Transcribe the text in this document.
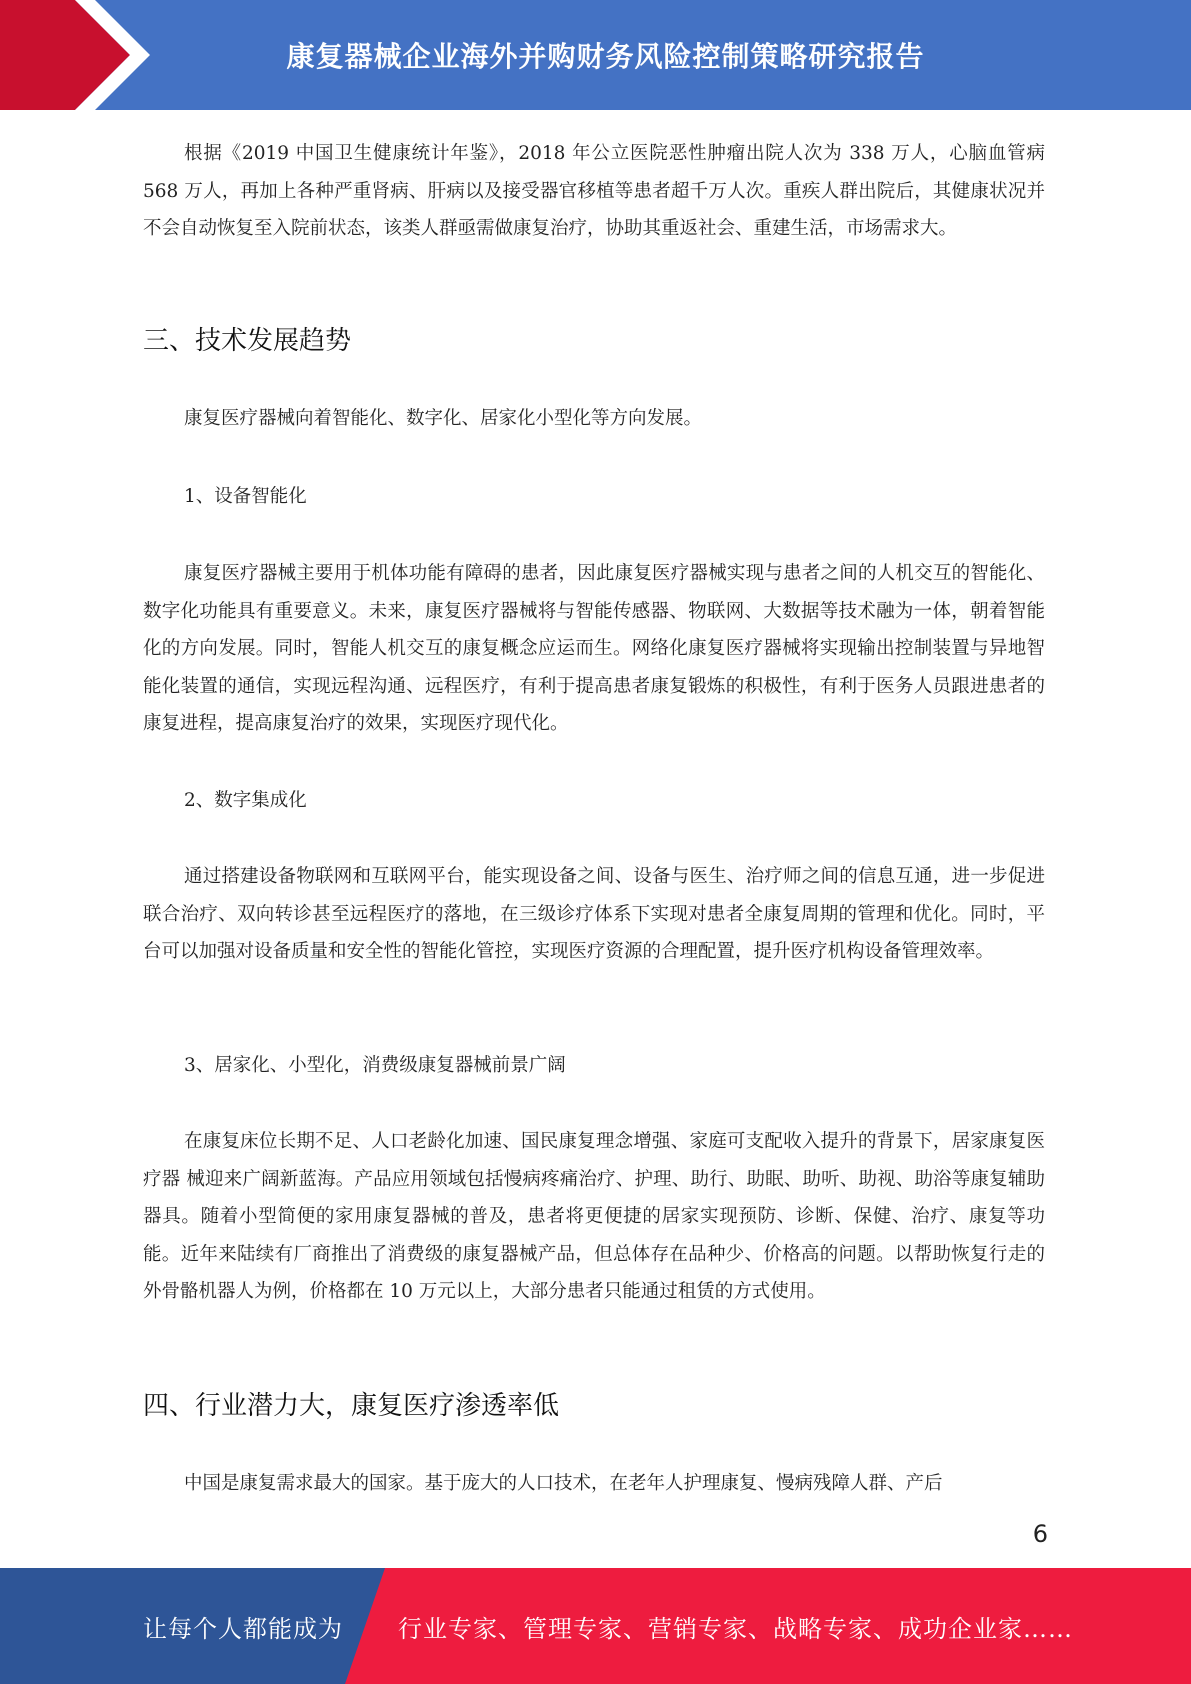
康复器械企业海外并购财务风险控制策略研究报告

根据《2019 中国卫生健康统计年鉴》，2018 年公立医院恶性肿瘤出院人次为 338 万人，心脑血管病 568 万人，再加上各种严重肾病、肝病以及接受器官移植等患者超千万人次。重疾人群出院后，其健康状况并不会自动恢复至入院前状态，该类人群亟需做康复治疗，协助其重返社会、重建生活，市场需求大。

三、技术发展趋势

康复医疗器械向着智能化、数字化、居家化小型化等方向发展。

1、设备智能化

康复医疗器械主要用于机体功能有障碍的患者，因此康复医疗器械实现与患者之间的人机交互的智能化、数字化功能具有重要意义。未来，康复医疗器械将与智能传感器、物联网、大数据等技术融为一体，朝着智能化的方向发展。同时，智能人机交互的康复概念应运而生。网络化康复医疗器械将实现输出控制装置与异地智能化装置的通信，实现远程沟通、远程医疗，有利于提高患者康复锻炼的积极性，有利于医务人员跟进患者的康复进程，提高康复治疗的效果，实现医疗现代化。

2、数字集成化

通过搭建设备物联网和互联网平台，能实现设备之间、设备与医生、治疗师之间的信息互通，进一步促进联合治疗、双向转诊甚至远程医疗的落地，在三级诊疗体系下实现对患者全康复周期的管理和优化。同时，平台可以加强对设备质量和安全性的智能化管控，实现医疗资源的合理配置，提升医疗机构设备管理效率。

3、居家化、小型化，消费级康复器械前景广阔

在康复床位长期不足、人口老龄化加速、国民康复理念增强、家庭可支配收入提升的背景下，居家康复医疗器 械迎来广阔新蓝海。产品应用领域包括慢病疼痛治疗、护理、助行、助眠、助听、助视、助浴等康复辅助器具。随着小型简便的家用康复器械的普及，患者将更便捷的居家实现预防、诊断、保健、治疗、康复等功能。近年来陆续有厂商推出了消费级的康复器械产品，但总体存在品种少、价格高的问题。以帮助恢复行走的外骨骼机器人为例，价格都在 10 万元以上，大部分患者只能通过租赁的方式使用。

四、行业潜力大，康复医疗渗透率低

中国是康复需求最大的国家。基于庞大的人口技术，在老年人护理康复、慢病残障人群、产后

6
让每个人都能成为 行业专家、管理专家、营销专家、战略专家、成功企业家……
